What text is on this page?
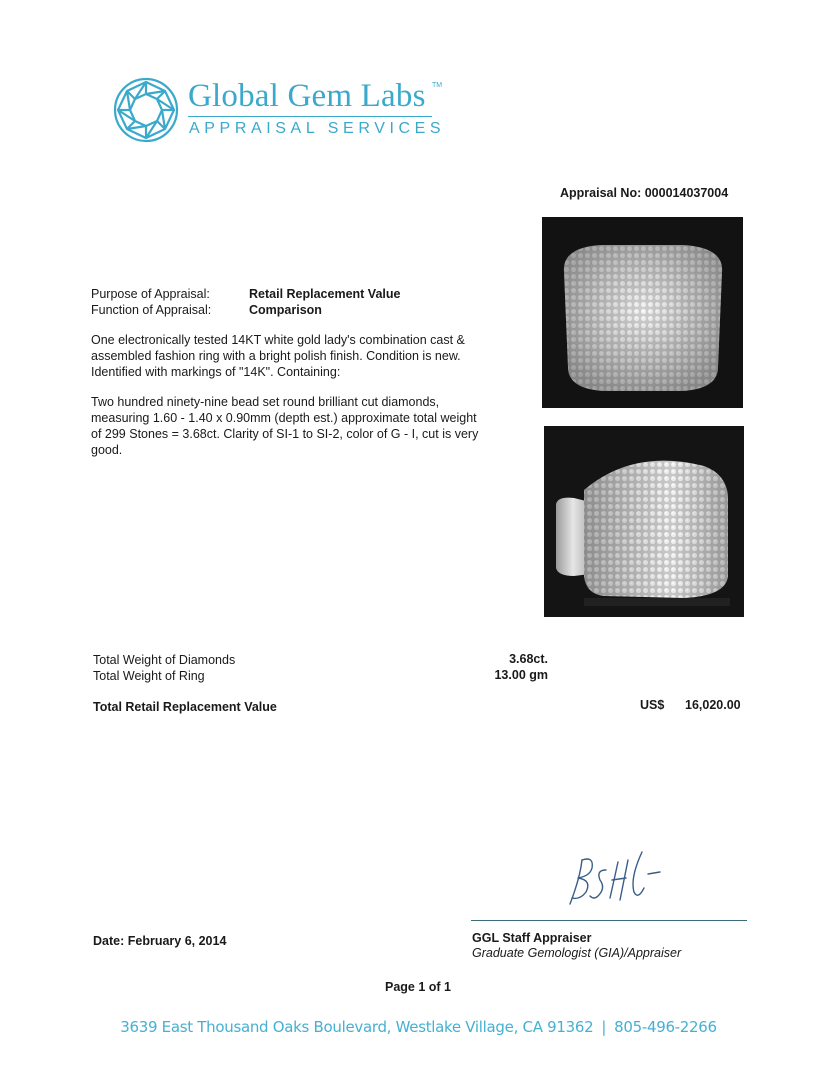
Global Gem Labs TM
APPRAISAL SERVICES
Appraisal No: 000014037004
Purpose of Appraisal:	Retail Replacement Value
Function of Appraisal:	Comparison
One electronically tested 14KT white gold lady's combination cast & assembled fashion ring with a bright polish finish. Condition is new. Identified with markings of "14K". Containing:
Two hundred ninety-nine bead set round brilliant cut diamonds, measuring 1.60 - 1.40 x 0.90mm (depth est.) approximate total weight of 299 Stones = 3.68ct. Clarity of SI-1 to SI-2, color of G - I, cut is very good.
Total Weight of Diamonds	3.68ct.
Total Weight of Ring	13.00 gm
Total Retail Replacement Value	US$ 16,020.00
Date: February 6, 2014	GGL Staff Appraiser
Graduate Gemologist (GIA)/Appraiser
Page 1 of 1
3639 East Thousand Oaks Boulevard, Westlake Village, CA 91362 | 805-496-2266
